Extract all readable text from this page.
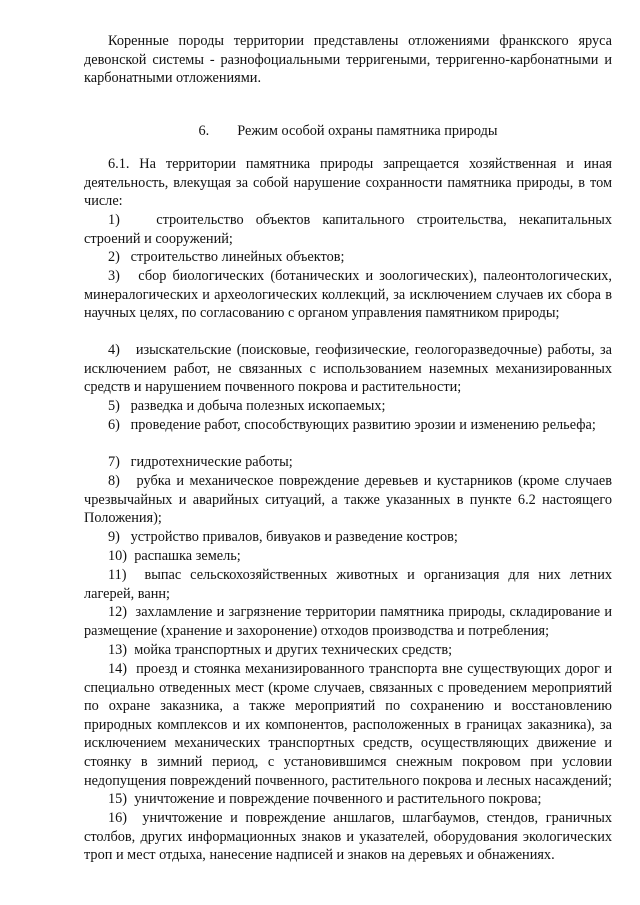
Коренные породы территории представлены отложениями франкского яруса девонской системы - разнофоциальными терригеными, терригенно-карбонатными и карбонатными отложениями.

6. Режим особой охраны памятника природы

6.1. На территории памятника природы запрещается хозяйственная и иная деятельность, влекущая за собой нарушение сохранности памятника природы, в том числе:

1)   строительство объектов капитального строительства, некапитальных строений и сооружений;

2)   строительство линейных объектов;

3)   сбор биологических (ботанических и зоологических), палеонтологических, минералогических и археологических коллекций, за исключением случаев их сбора в научных целях, по согласованию с органом управления памятником природы;

4)   изыскательские (поисковые, геофизические, геологоразведочные) работы, за исключением работ, не связанных с использованием наземных механизированных средств и нарушением почвенного покрова и растительности;

5)   разведка и добыча полезных ископаемых;

6)   проведение работ, способствующих развитию эрозии и изменению рельефа;

7)   гидротехнические работы;

8)   рубка и механическое повреждение деревьев и кустарников (кроме случаев чрезвычайных и аварийных ситуаций, а также указанных в пункте 6.2 настоящего Положения);

9)   устройство привалов, бивуаков и разведение костров;

10)  распашка земель;

11)  выпас сельскохозяйственных животных и организация для них летних лагерей, ванн;

12)  захламление и загрязнение территории памятника природы, складирование и размещение (хранение и захоронение) отходов производства и потребления;

13)  мойка транспортных и других технических средств;

14)  проезд и стоянка механизированного транспорта вне существующих дорог и специально отведенных мест (кроме случаев, связанных с проведением мероприятий по охране заказника, а также мероприятий по сохранению и восстановлению природных комплексов и их компонентов, расположенных в границах заказника), за исключением механических транспортных средств, осуществляющих движение и стоянку в зимний период, с установившимся снежным покровом при условии недопущения повреждений почвенного, растительного покрова и лесных насаждений;

15)  уничтожение и повреждение почвенного и растительного покрова;

16)  уничтожение и повреждение аншлагов, шлагбаумов, стендов, граничных столбов, других информационных знаков и указателей, оборудования экологических троп и мест отдыха, нанесение надписей и знаков на деревьях и обнажениях.
